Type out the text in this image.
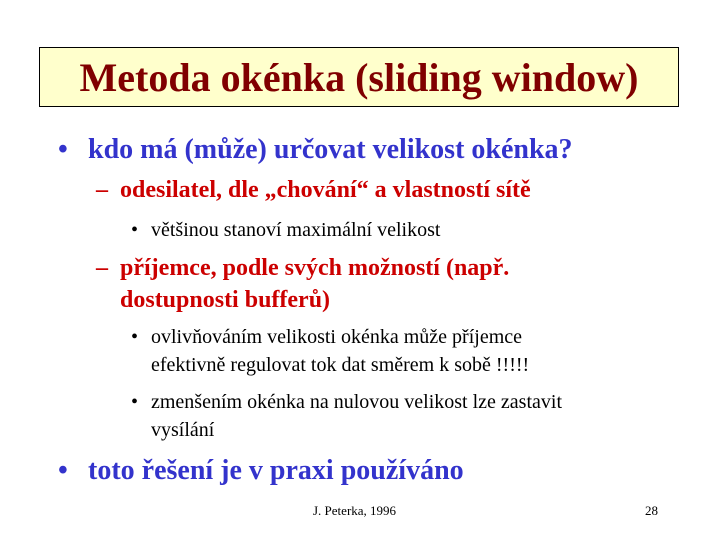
Metoda okénka (sliding window)
• kdo má (může) určovat velikost okénka?
– odesilatel, dle „chování“ a vlastností sítě
• většinou stanoví maximální velikost
– příjemce, podle svých možností (např.
dostupnosti bufferů)
• ovlivňováním velikosti okénka může příjemce
efektivně regulovat tok dat směrem k sobě !!!!!
• zmenšením okénka na nulovou velikost lze zastavit
vysílání
• toto řešení je v praxi používáno
J. Peterka, 1996	28
